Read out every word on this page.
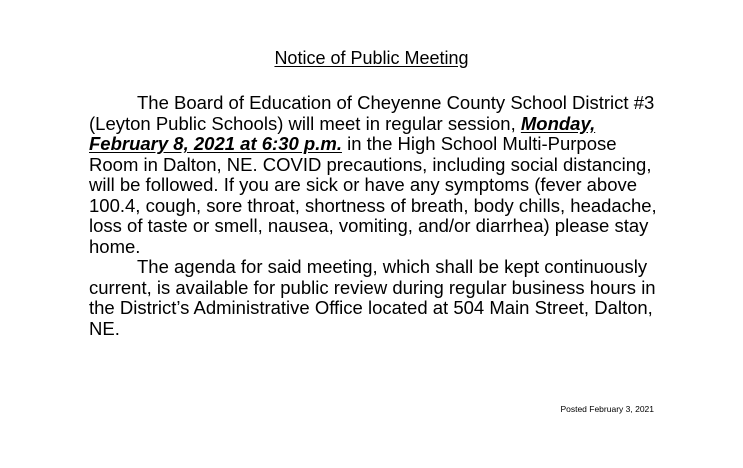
Notice of Public Meeting

The Board of Education of Cheyenne County School District #3 (Leyton Public Schools) will meet in regular session, Monday, February 8, 2021 at 6:30 p.m. in the High School Multi-Purpose Room in Dalton, NE. COVID precautions, including social distancing, will be followed. If you are sick or have any symptoms (fever above 100.4, cough, sore throat, shortness of breath, body chills, headache, loss of taste or smell, nausea, vomiting, and/or diarrhea) please stay home.

The agenda for said meeting, which shall be kept continuously current, is available for public review during regular business hours in the District’s Administrative Office located at 504 Main Street, Dalton, NE.

Posted February 3, 2021
